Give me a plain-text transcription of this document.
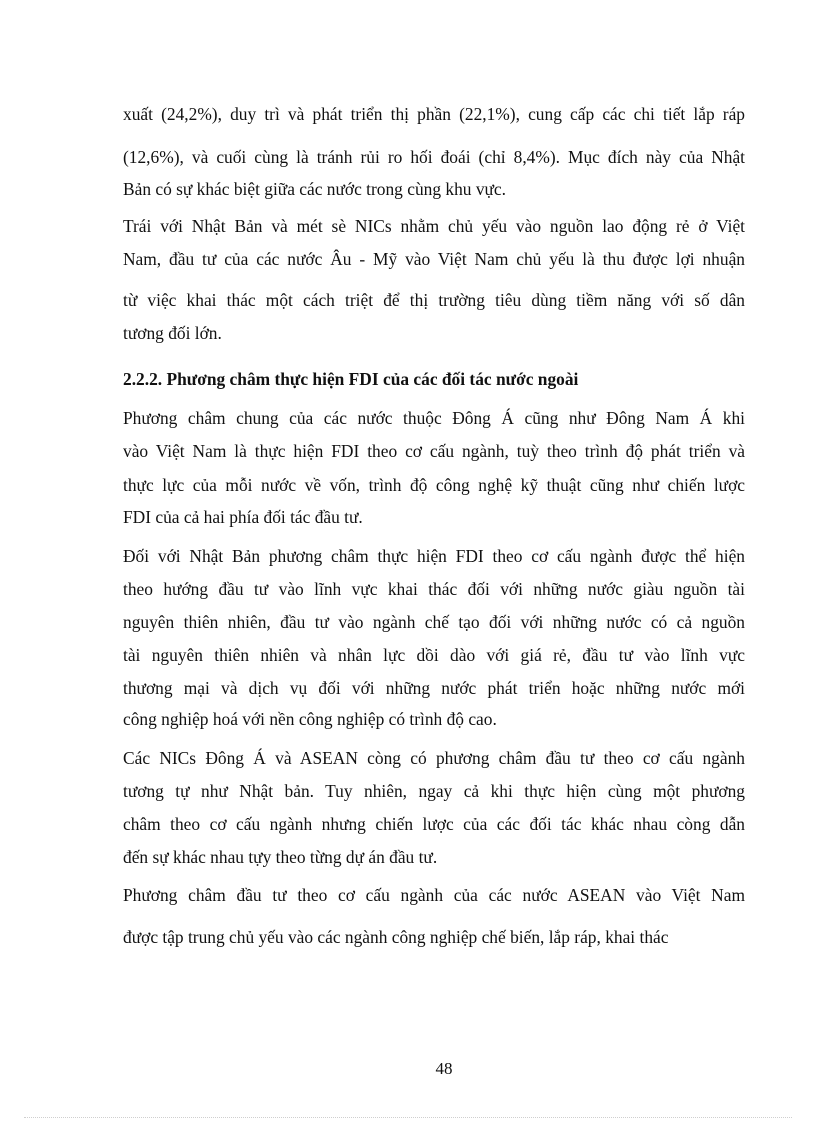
xuất (24,2%), duy trì và phát triển thị phần (22,1%), cung cấp các chi tiết lắp ráp
(12,6%), và cuối cùng là tránh rủi ro hối đoái (chỉ 8,4%). Mục đích này của Nhật
Bản có sự khác biệt giữa các nước trong cùng khu vực.
Trái với Nhật Bản và mét sè NICs nhằm chủ yếu vào nguồn lao động rẻ ở Việt
Nam, đầu tư của các nước Âu - Mỹ vào Việt Nam chủ yếu là thu được lợi nhuận
từ việc khai thác một cách triệt để thị trường tiêu dùng tiềm năng với số dân
tương đối lớn.
2.2.2. Phương châm thực hiện FDI của các đối tác nước ngoài
Phương châm chung của các nước thuộc Đông Á cũng như Đông Nam Á khi
vào Việt Nam là thực hiện FDI theo cơ cấu ngành, tuỳ theo trình độ phát triển và
thực lực của mỗi nước về vốn, trình độ công nghệ kỹ thuật cũng như chiến lược
FDI của cả hai phía đối tác đầu tư.
Đối với Nhật Bản phương châm thực hiện FDI theo cơ cấu ngành được thể hiện
theo hướng đầu tư vào lĩnh vực khai thác đối với những nước giàu nguồn tài
nguyên thiên nhiên, đầu tư vào ngành chế tạo đối với những nước có cả nguồn
tài nguyên thiên nhiên và nhân lực dồi dào với giá rẻ, đầu tư vào lĩnh vực
thương mại và dịch vụ đối với những nước phát triển hoặc những nước mới
công nghiệp hoá với nền công nghiệp có trình độ cao.
Các NICs Đông Á và ASEAN còng có phương châm đầu tư theo cơ cấu ngành
tương tự như Nhật bản. Tuy nhiên, ngay cả khi thực hiện cùng một phương
châm theo cơ cấu ngành nhưng chiến lược của các đối tác khác nhau còng dẫn
đến sự khác nhau tựy theo từng dự án đầu tư.
Phương châm đầu tư theo cơ cấu ngành của các nước ASEAN vào Việt Nam
được tập trung chủ yếu vào các ngành công nghiệp chế biến, lắp ráp, khai thác
48
